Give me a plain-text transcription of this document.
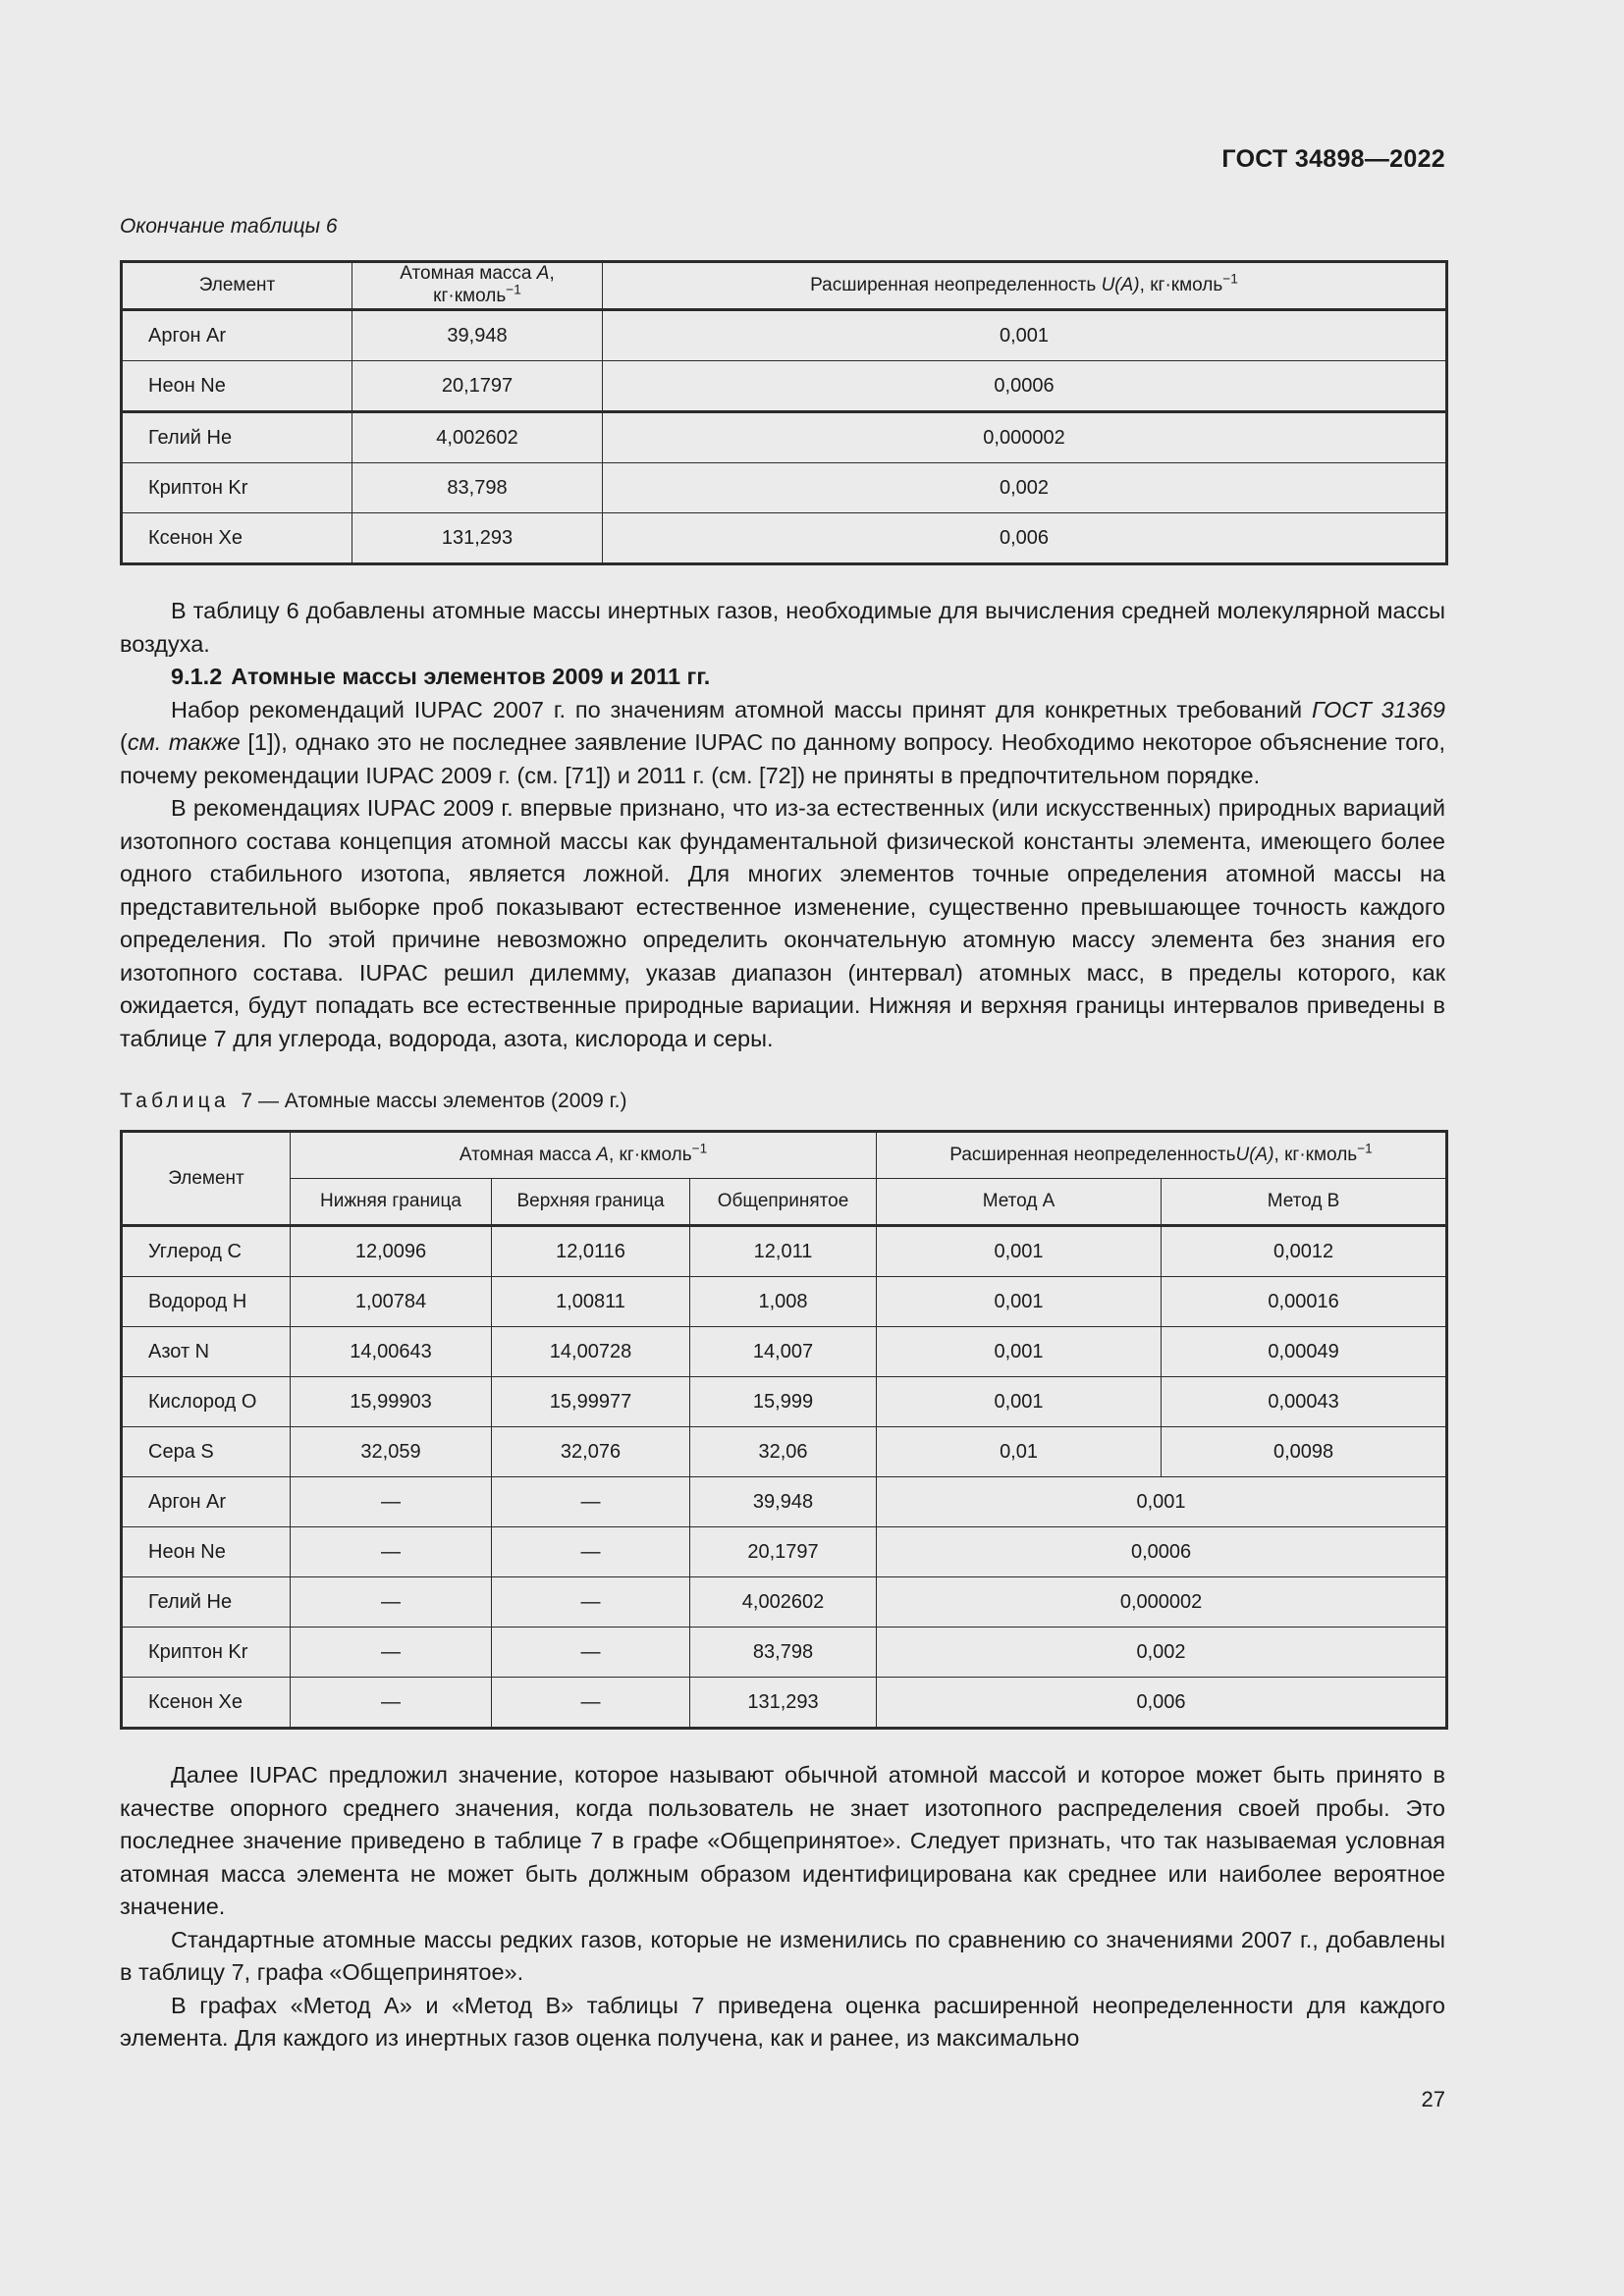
ГОСТ 34898—2022
Окончание таблицы 6
Элемент	Атомная масса A, кг·кмоль$^{-1}$	Расширенная неопределенность U(A), кг·кмоль$^{-1}$
Аргон Ar	39,948	0,001
Неон Ne	20,1797	0,0006
Гелий He	4,002602	0,000002
Криптон Kr	83,798	0,002
Ксенон Xe	131,293	0,006

В таблицу 6 добавлены атомные массы инертных газов, необходимые для вычисления средней молекулярной массы воздуха.

9.1.2 Атомные массы элементов 2009 и 2011 гг.

Набор рекомендаций IUPAC 2007 г. по значениям атомной массы принят для конкретных требований ГОСТ 31369 (см. также [1]), однако это не последнее заявление IUPAC по данному вопросу. Необходимо некоторое объяснение того, почему рекомендации IUPAC 2009 г. (см. [71]) и 2011 г. (см. [72]) не приняты в предпочтительном порядке.

В рекомендациях IUPAC 2009 г. впервые признано, что из-за естественных (или искусственных) природных вариаций изотопного состава концепция атомной массы как фундаментальной физической константы элемента, имеющего более одного стабильного изотопа, является ложной. Для многих элементов точные определения атомной массы на представительной выборке проб показывают естественное изменение, существенно превышающее точность каждого определения. По этой причине невозможно определить окончательную атомную массу элемента без знания его изотопного состава. IUPAC решил дилемму, указав диапазон (интервал) атомных масс, в пределы которого, как ожидается, будут попадать все естественные природные вариации. Нижняя и верхняя границы интервалов приведены в таблице 7 для углерода, водорода, азота, кислорода и серы.

Таблица 7 — Атомные массы элементов (2009 г.)
Элемент	Атомная масса A, кг·кмоль$^{-1}$			Расширенная неопределенностьU(A), кг·кмоль$^{-1}$
	Нижняя граница	Верхняя граница	Общепринятое	Метод A	Метод B
Углерод C	12,0096	12,0116	12,011	0,001	0,0012
Водород H	1,00784	1,00811	1,008	0,001	0,00016
Азот N	14,00643	14,00728	14,007	0,001	0,00049
Кислород O	15,99903	15,99977	15,999	0,001	0,00043
Сера S	32,059	32,076	32,06	0,01	0,0098
Аргон Ar	—	—	39,948	0,001	
Неон Ne	—	—	20,1797	0,0006	
Гелий He	—	—	4,002602	0,000002	
Криптон Kr	—	—	83,798	0,002	
Ксенон Xe	—	—	131,293	0,006	

Далее IUPAC предложил значение, которое называют обычной атомной массой и которое может быть принято в качестве опорного среднего значения, когда пользователь не знает изотопного распределения своей пробы. Это последнее значение приведено в таблице 7 в графе «Общепринятое». Следует признать, что так называемая условная атомная масса элемента не может быть должным образом идентифицирована как среднее или наиболее вероятное значение.

Стандартные атомные массы редких газов, которые не изменились по сравнению со значениями 2007 г., добавлены в таблицу 7, графа «Общепринятое».

В графах «Метод A» и «Метод B» таблицы 7 приведена оценка расширенной неопределенности для каждого элемента. Для каждого из инертных газов оценка получена, как и ранее, из максимально

27
